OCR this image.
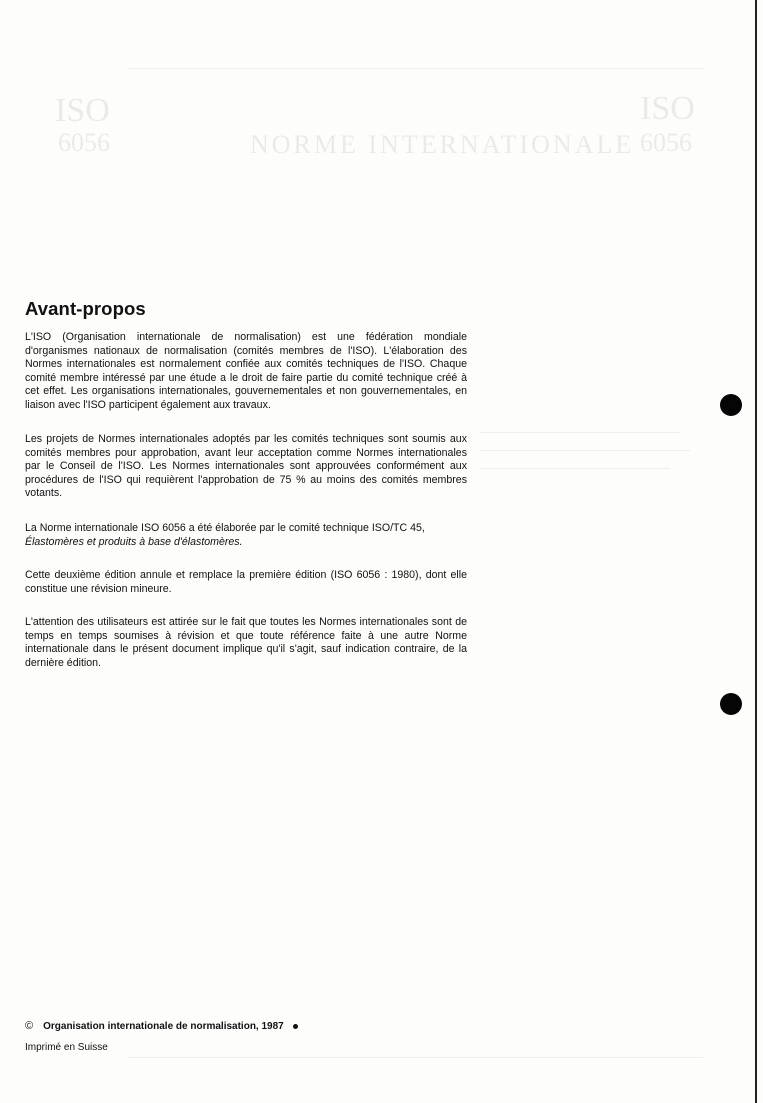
ISO
6056	NORME INTERNATIONALE
ISO
6056
Avant-propos

L'ISO (Organisation internationale de normalisation) est une fédération mondiale d'organismes nationaux de normalisation (comités membres de l'ISO). L'élaboration des Normes internationales est normalement confiée aux comités techniques de l'ISO. Chaque comité membre intéressé par une étude a le droit de faire partie du comité technique créé à cet effet. Les organisations internationales, gouvernementales et non gouvernementales, en liaison avec l'ISO participent également aux travaux.

Les projets de Normes internationales adoptés par les comités techniques sont soumis aux comités membres pour approbation, avant leur acceptation comme Normes internationales par le Conseil de l'ISO. Les Normes internationales sont approuvées conformément aux procédures de l'ISO qui requièrent l'approbation de 75 % au moins des comités membres votants.

La Norme internationale ISO 6056 a été élaborée par le comité technique ISO/TC 45,
Élastomères et produits à base d'élastomères.

Cette deuxième édition annule et remplace la première édition (ISO 6056 : 1980), dont elle constitue une révision mineure.

L'attention des utilisateurs est attirée sur le fait que toutes les Normes internationales sont de temps en temps soumises à révision et que toute référence faite à une autre Norme internationale dans le présent document implique qu'il s'agit, sauf indication contraire, de la dernière édition.

© Organisation internationale de normalisation, 1987
Imprimé en Suisse
